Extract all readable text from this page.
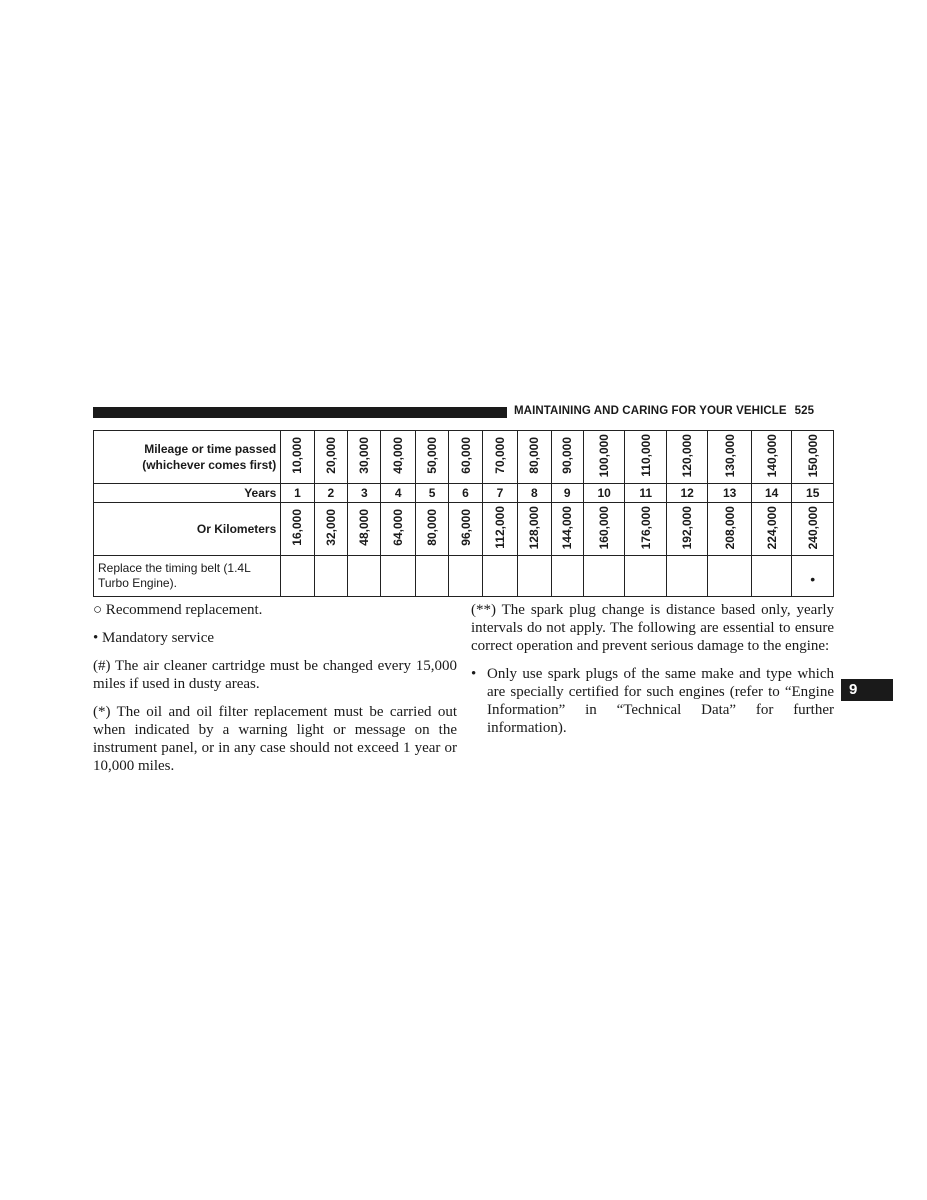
MAINTAINING AND CARING FOR YOUR VEHICLE 525
Mileage or time passed
(whichever comes first)	10,000	20,000	30,000	40,000	50,000	60,000	70,000	80,000	90,000	100,000	110,000	120,000	130,000	140,000	150,000
Years	1	2	3	4	5	6	7	8	9	10	11	12	13	14	15
Or Kilometers	16,000	32,000	48,000	64,000	80,000	96,000	112,000	128,000	144,000	160,000	176,000	192,000	208,000	224,000	240,000
Replace the timing belt (1.4L Turbo Engine).															•

○ Recommend replacement.

• Mandatory service

(#) The air cleaner cartridge must be changed every 15,000 miles if used in dusty areas.

(*) The oil and oil filter replacement must be carried out when indicated by a warning light or message on the instrument panel, or in any case should not exceed 1 year or 10,000 miles.

(**) The spark plug change is distance based only, yearly intervals do not apply. The following are essential to ensure correct operation and prevent serious damage to the engine:

• Only use spark plugs of the same make and type which are specially certified for such engines (refer to “Engine Information” in “Technical Data” for further information).
9
